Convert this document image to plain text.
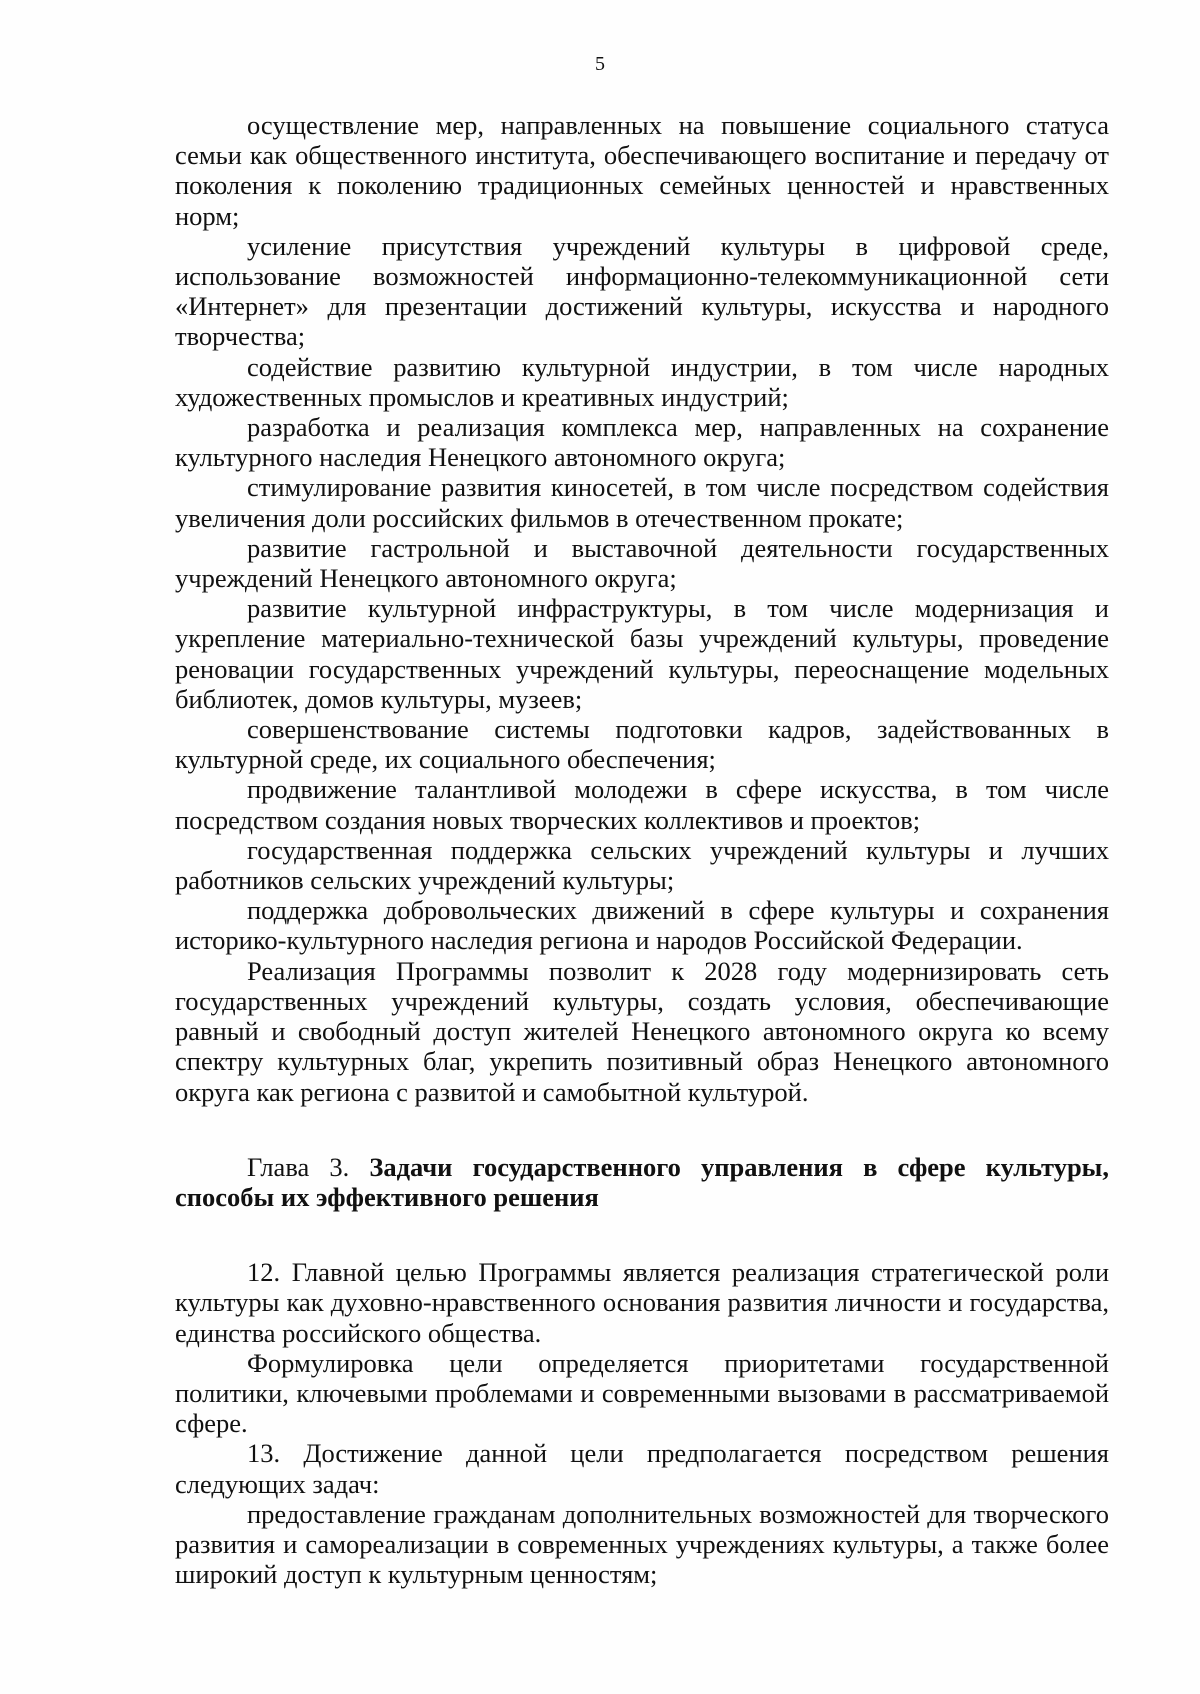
5

осуществление мер, направленных на повышение социального статуса семьи как общественного института, обеспечивающего воспитание и передачу от поколения к поколению традиционных семейных ценностей и нравственных норм;

усиление присутствия учреждений культуры в цифровой среде, использование возможностей информационно-телекоммуникационной сети «Интернет» для презентации достижений культуры, искусства и народного творчества;

содействие развитию культурной индустрии, в том числе народных художественных промыслов и креативных индустрий;

разработка и реализация комплекса мер, направленных на сохранение культурного наследия Ненецкого автономного округа;

стимулирование развития киносетей, в том числе посредством содействия увеличения доли российских фильмов в отечественном прокате;

развитие гастрольной и выставочной деятельности государственных учреждений Ненецкого автономного округа;

развитие культурной инфраструктуры, в том числе модернизация и укрепление материально-технической базы учреждений культуры, проведение реновации государственных учреждений культуры, переоснащение модельных библиотек, домов культуры, музеев;

совершенствование системы подготовки кадров, задействованных в культурной среде, их социального обеспечения;

продвижение талантливой молодежи в сфере искусства, в том числе посредством создания новых творческих коллективов и проектов;

государственная поддержка сельских учреждений культуры и лучших работников сельских учреждений культуры;

поддержка добровольческих движений в сфере культуры и сохранения историко-культурного наследия региона и народов Российской Федерации.

Реализация Программы позволит к 2028 году модернизировать сеть государственных учреждений культуры, создать условия, обеспечивающие равный и свободный доступ жителей Ненецкого автономного округа ко всему спектру культурных благ, укрепить позитивный образ Ненецкого автономного округа как региона с развитой и самобытной культурой.

Глава 3. Задачи государственного управления в сфере культуры, способы их эффективного решения

12. Главной целью Программы является реализация стратегической роли культуры как духовно-нравственного основания развития личности и государства, единства российского общества.

Формулировка цели определяется приоритетами государственной политики, ключевыми проблемами и современными вызовами в рассматриваемой сфере.

13. Достижение данной цели предполагается посредством решения следующих задач:

предоставление гражданам дополнительных возможностей для творческого развития и самореализации в современных учреждениях культуры, а также более широкий доступ к культурным ценностям;
